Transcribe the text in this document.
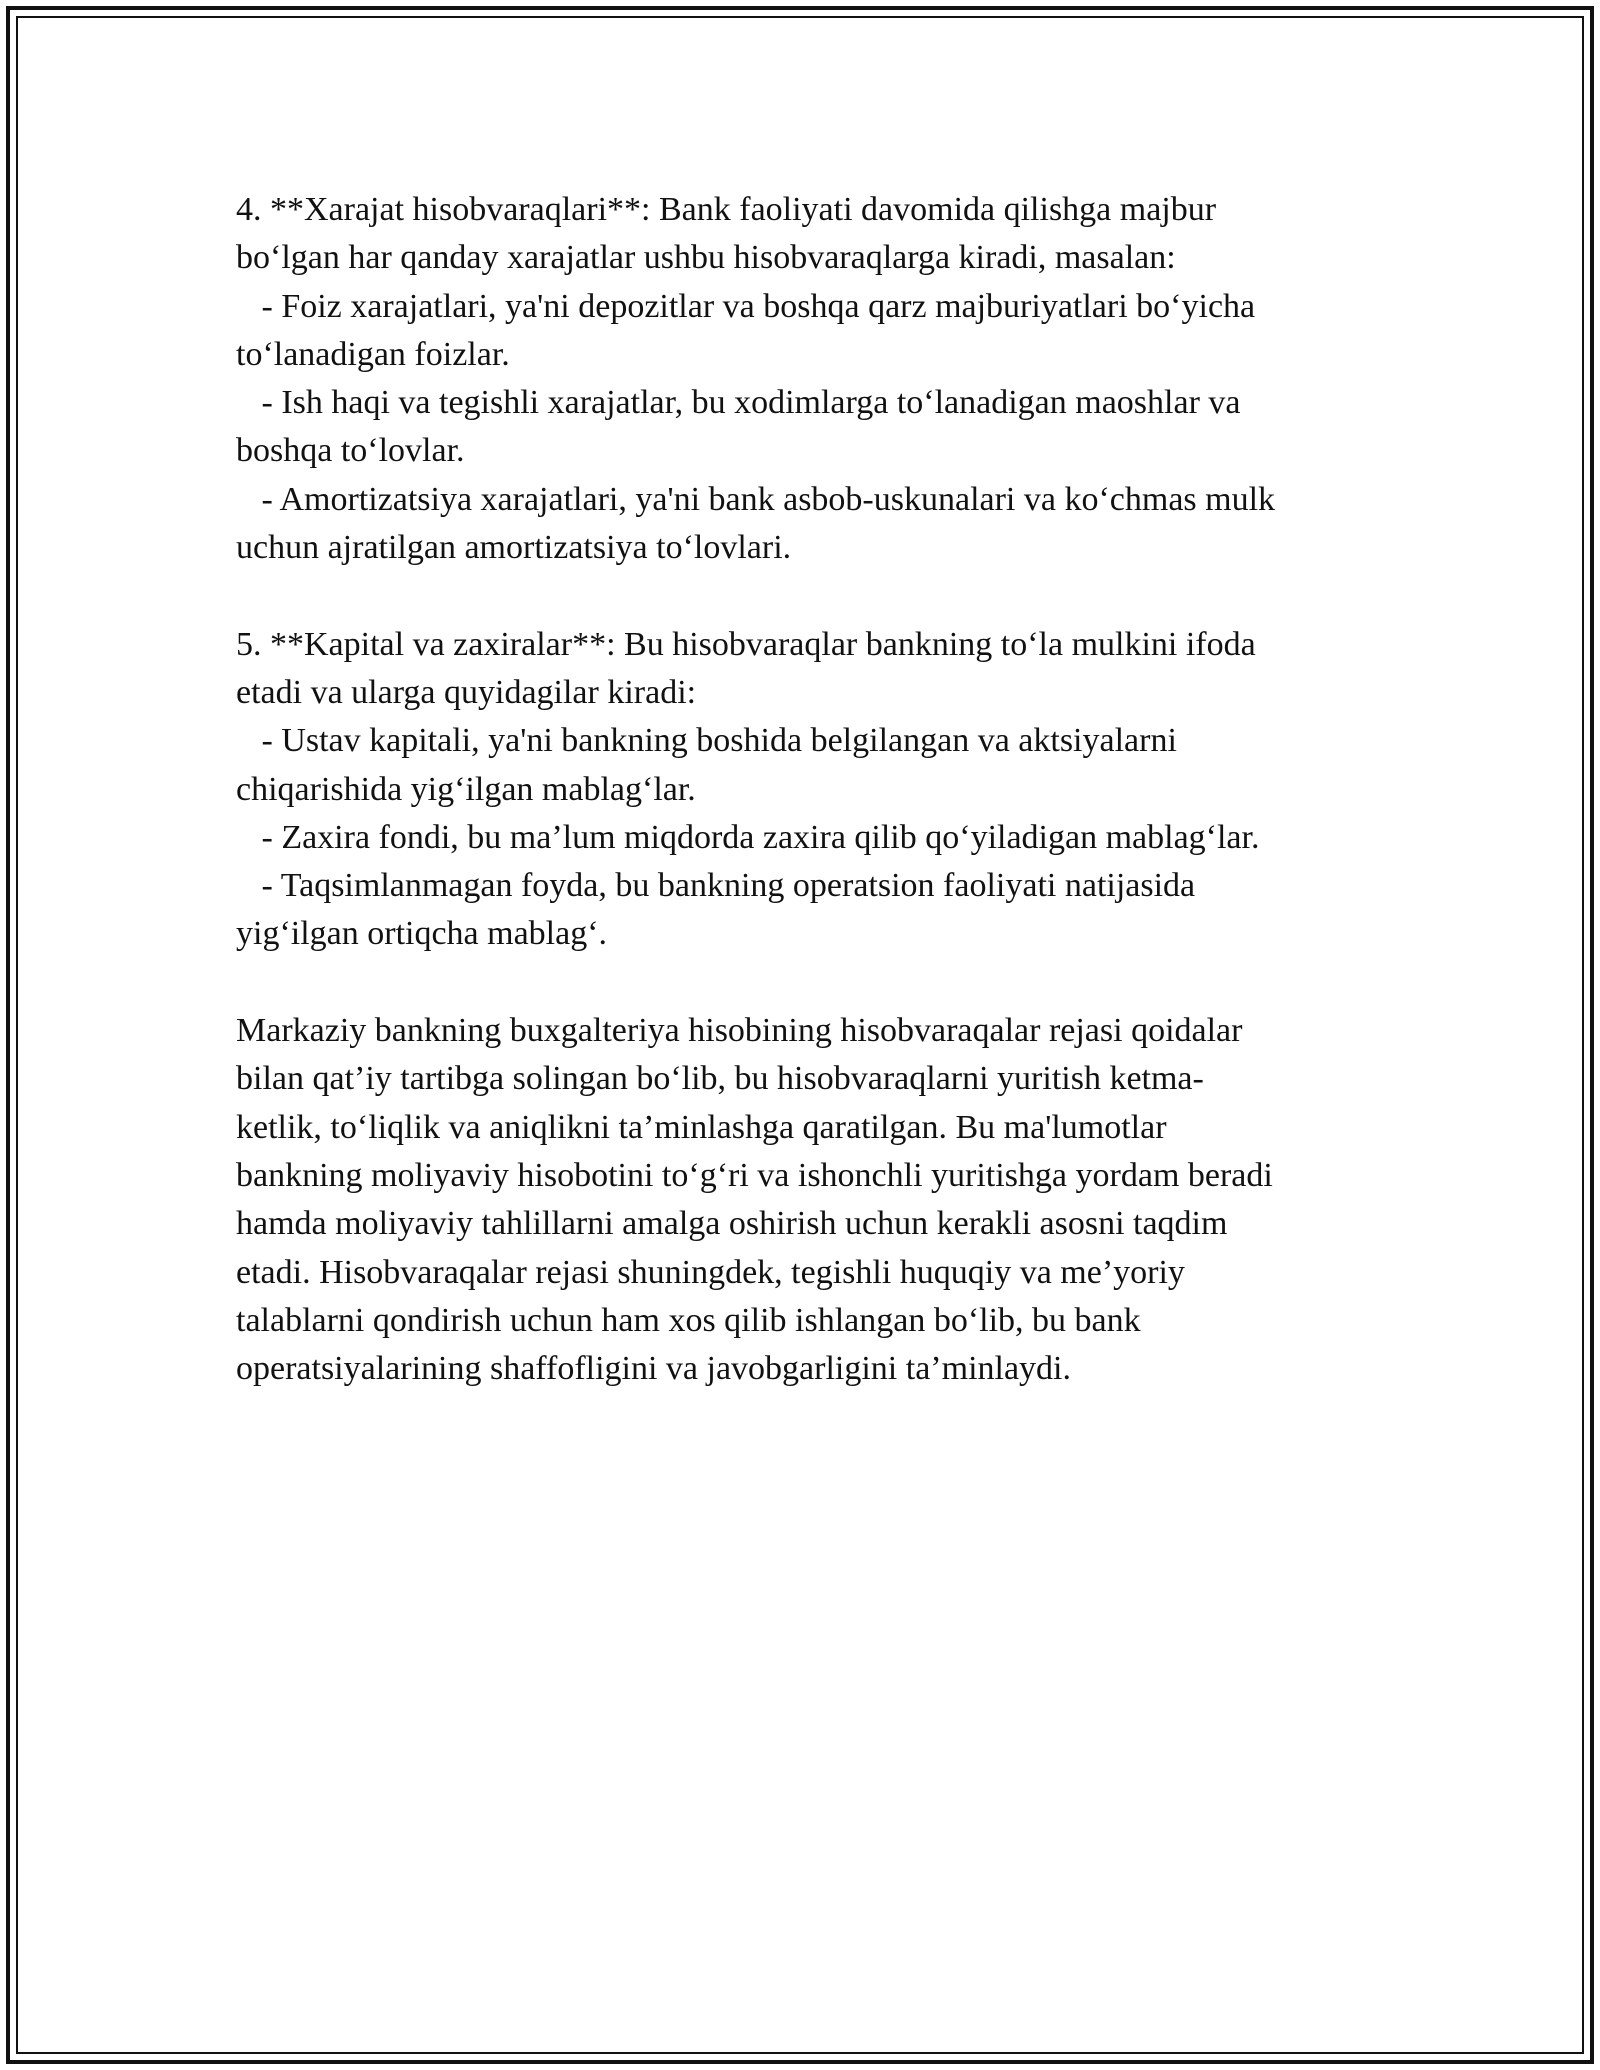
4. **Xarajat hisobvaraqlari**: Bank faoliyati davomida qilishga majbur
bo‘lgan har qanday xarajatlar ushbu hisobvaraqlarga kiradi, masalan:
- Foiz xarajatlari, ya'ni depozitlar va boshqa qarz majburiyatlari bo‘yicha
to‘lanadigan foizlar.
- Ish haqi va tegishli xarajatlar, bu xodimlarga to‘lanadigan maoshlar va
boshqa to‘lovlar.
- Amortizatsiya xarajatlari, ya'ni bank asbob-uskunalari va ko‘chmas mulk
uchun ajratilgan amortizatsiya to‘lovlari.
5. **Kapital va zaxiralar**: Bu hisobvaraqlar bankning to‘la mulkini ifoda
etadi va ularga quyidagilar kiradi:
- Ustav kapitali, ya'ni bankning boshida belgilangan va aktsiyalarni
chiqarishida yig‘ilgan mablag‘lar.
- Zaxira fondi, bu ma’lum miqdorda zaxira qilib qo‘yiladigan mablag‘lar.
- Taqsimlanmagan foyda, bu bankning operatsion faoliyati natijasida
yig‘ilgan ortiqcha mablag‘.
Markaziy bankning buxgalteriya hisobining hisobvaraqalar rejasi qoidalar
bilan qat’iy tartibga solingan bo‘lib, bu hisobvaraqlarni yuritish ketma-
ketlik, to‘liqlik va aniqlikni ta’minlashga qaratilgan. Bu ma'lumotlar
bankning moliyaviy hisobotini to‘g‘ri va ishonchli yuritishga yordam beradi
hamda moliyaviy tahlillarni amalga oshirish uchun kerakli asosni taqdim
etadi. Hisobvaraqalar rejasi shuningdek, tegishli huquqiy va me’yoriy
talablarni qondirish uchun ham xos qilib ishlangan bo‘lib, bu bank
operatsiyalarining shaffofligini va javobgarligini ta’minlaydi.
